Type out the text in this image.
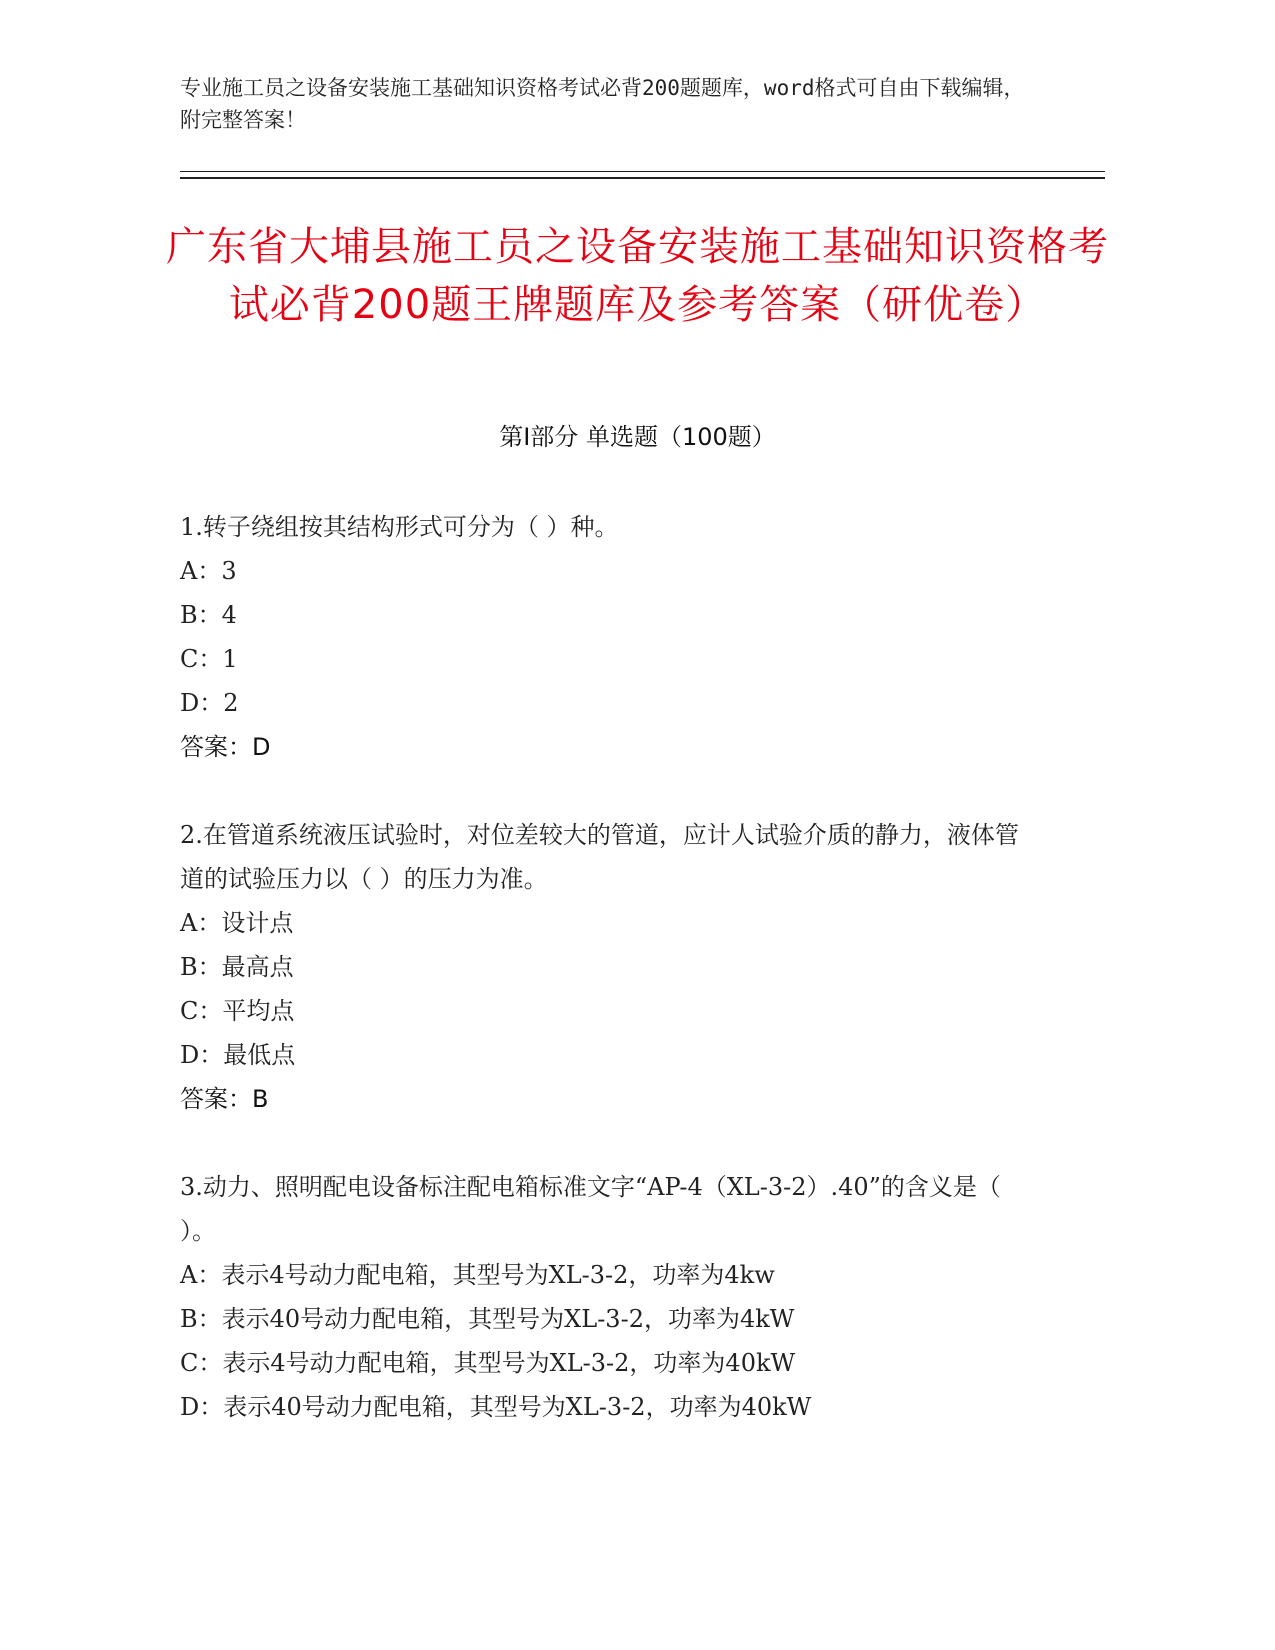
专业施工员之设备安装施工基础知识资格考试必背200题题库，word格式可自由下载编辑，附完整答案！
广东省大埔县施工员之设备安装施工基础知识资格考试必背200题王牌题库及参考答案（研优卷）
第Ⅰ部分 单选题（100题）

1.转子绕组按其结构形式可分为（ ）种。

A：3

B：4

C：1

D：2

答案：D

2.在管道系统液压试验时，对位差较大的管道，应计人试验介质的静力，液体管道的试验压力以（ ）的压力为准。

A：设计点

B：最高点

C：平均点

D：最低点

答案：B

3.动力、照明配电设备标注配电箱标准文字“AP-4（XL-3-2）.40”的含义是（ ）。

A：表示4号动力配电箱，其型号为XL-3-2，功率为4kw

B：表示40号动力配电箱，其型号为XL-3-2，功率为4kW

C：表示4号动力配电箱，其型号为XL-3-2，功率为40kW

D：表示40号动力配电箱，其型号为XL-3-2，功率为40kW
